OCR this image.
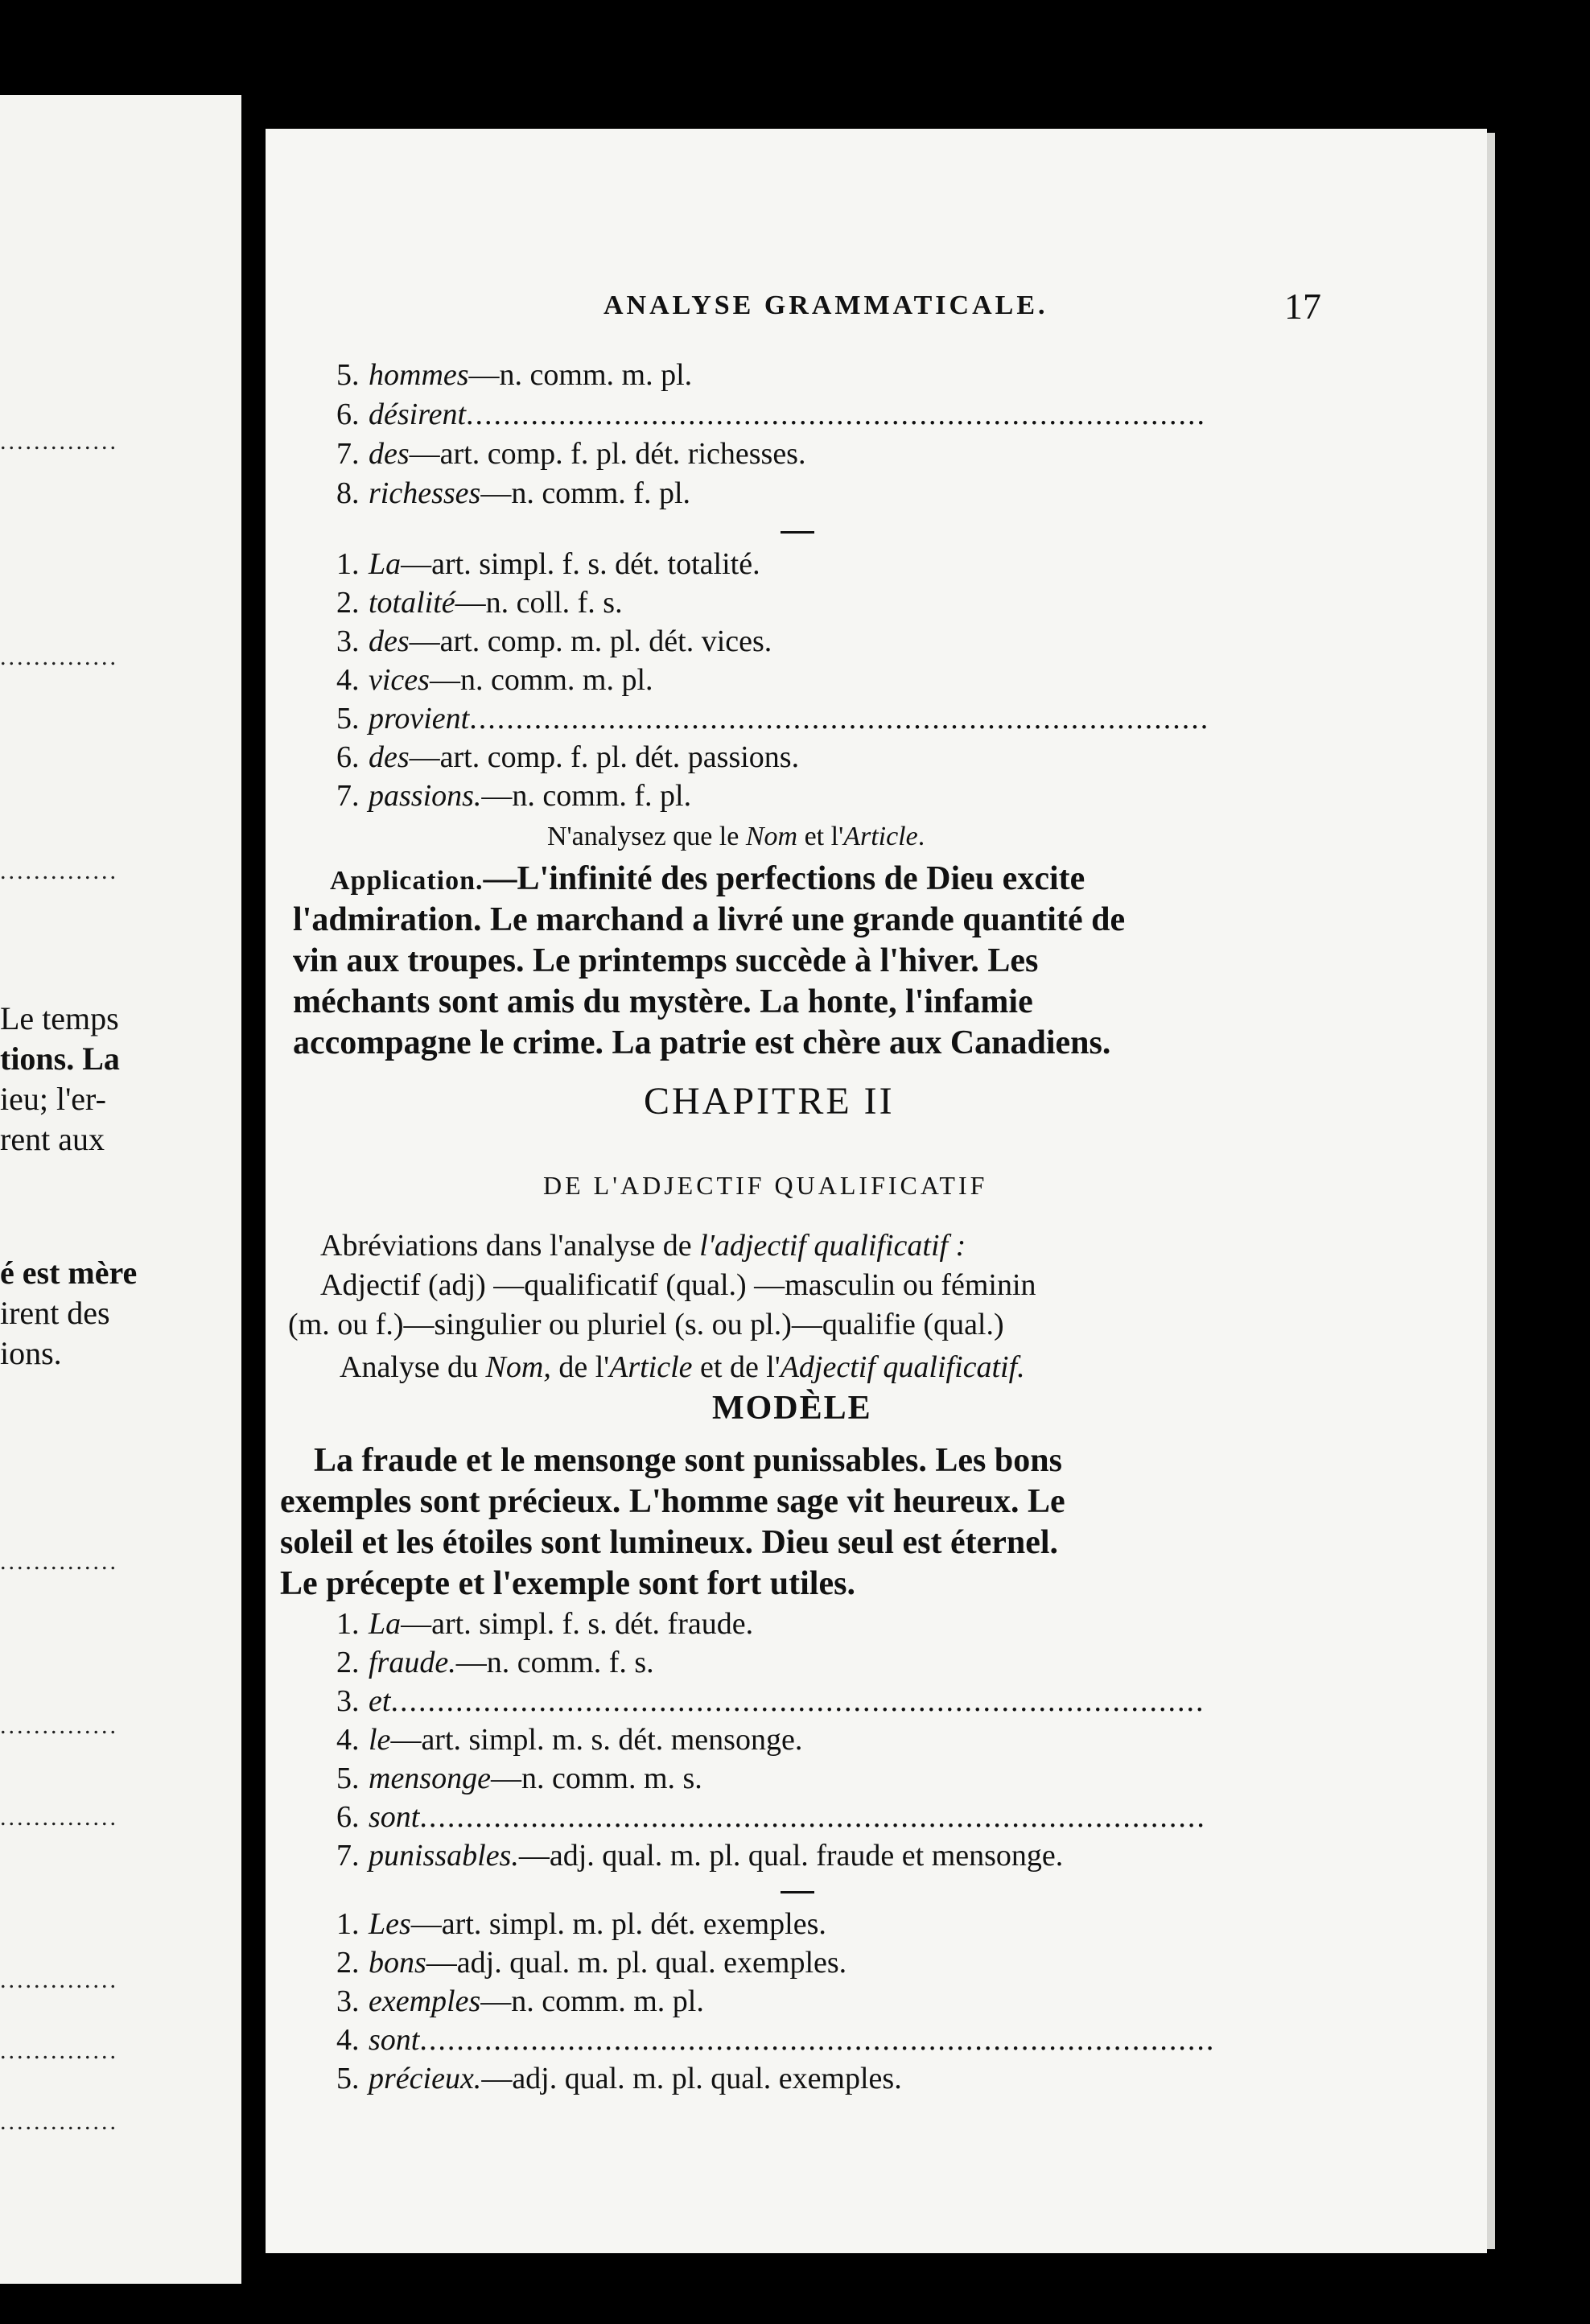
..............
..............
..............
Le temps
tions. La
ieu; l'er-
rent aux
é est mère
irent des
ions.
..............
..............
..............
..............
..............
..............
ANALYSE GRAMMATICALE.	17
5. hommes—n. comm. m. pl.
6. désirent................................................................................
7. des—art. comp. f. pl. dét. richesses.
8. richesses—n. comm. f. pl.
1. La—art. simpl. f. s. dét. totalité.
2. totalité—n. coll. f. s.
3. des—art. comp. m. pl. dét. vices.
4. vices—n. comm. m. pl.
5. provient................................................................................
6. des—art. comp. f. pl. dét. passions.
7. passions.—n. comm. f. pl.
N'analysez que le Nom et l'Article.
Application.—L'infinité des perfections de Dieu excite
l'admiration. Le marchand a livré une grande quantité de
vin aux troupes. Le printemps succède à l'hiver. Les
méchants sont amis du mystère. La honte, l'infamie
accompagne le crime. La patrie est chère aux Canadiens.
CHAPITRE II
DE L'ADJECTIF QUALIFICATIF
Abréviations dans l'analyse de l'adjectif qualificatif :
Adjectif (adj) —qualificatif (qual.) —masculin ou féminin
(m. ou f.)—singulier ou pluriel (s. ou pl.)—qualifie (qual.)
Analyse du Nom, de l'Article et de l'Adjectif qualificatif.
MODÈLE
La fraude et le mensonge sont punissables. Les bons
exemples sont précieux. L'homme sage vit heureux. Le
soleil et les étoiles sont lumineux. Dieu seul est éternel.
Le précepte et l'exemple sont fort utiles.
1. La—art. simpl. f. s. dét. fraude.
2. fraude.—n. comm. f. s.
3. et........................................................................................
4. le—art. simpl. m. s. dét. mensonge.
5. mensonge—n. comm. m. s.
6. sont.....................................................................................
7. punissables.—adj. qual. m. pl. qual. fraude et mensonge.
1. Les—art. simpl. m. pl. dét. exemples.
2. bons—adj. qual. m. pl. qual. exemples.
3. exemples—n. comm. m. pl.
4. sont......................................................................................
5. précieux.—adj. qual. m. pl. qual. exemples.
